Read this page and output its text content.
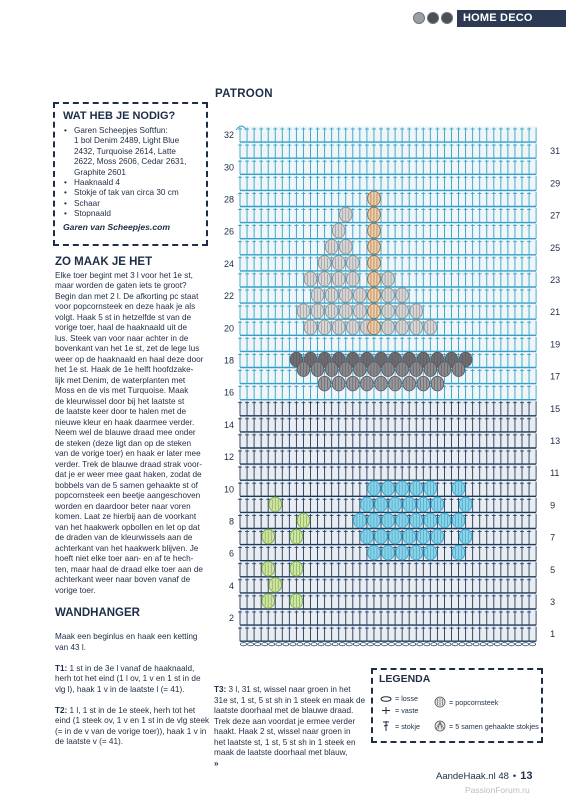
HOME DECO
WAT HEB JE NODIG?
• Garen Scheepjes Softfun:
1 bol Denim 2489, Light Blue
2432, Turquoise 2614, Latte
2622, Moss 2606, Cedar 2631,
Graphite 2601
• Haaknaald 4
• Stokje of tak van circa 30 cm
• Schaar
• Stopnaald
Garen van Scheepjes.com
ZO MAAK JE HET
Elke toer begint met 3 l voor het 1e st,
maar worden de gaten iets te groot?
Begin dan met 2 l. De afkorting pc staat
voor popcornsteek en deze haak je als
volgt. Haak 5 st in hetzelfde st van de
vorige toer, haal de haaknaald uit de
lus. Steek van voor naar achter in de
bovenkant van het 1e st, zet de lege lus
weer op de haaknaald en haal deze door
het 1e st. Haak de 1e helft hoofdzake-
lijk met Denim, de waterplanten met
Moss en de vis met Turquoise. Maak
de kleurwissel door bij het laatste st
de laatste keer door te halen met de
nieuwe kleur en haak daarmee verder.
Neem wel de blauwe draad mee onder
de steken (deze ligt dan op de steken
van de vorige toer) en haak er later mee
verder. Trek de blauwe draad strak voor-
dat je er weer mee gaat haken, zodat de
bobbels van de 5 samen gehaakte st of
popcornsteek een beetje aangeschoven
worden en daardoor beter naar voren
komen. Laat ze hierbij aan de voorkant
van het haakwerk opbollen en let op dat
de draden van de kleurwissels aan de
achterkant van het haakwerk blijven. Je
hoeft niet elke toer aan- en af te hech-
ten, maar haal de draad elke toer aan de
achterkant weer naar boven vanaf de
vorige toer.
WANDHANGER

Maak een beginlus en haak een ketting
van 43 l.

T1: 1 st in de 3e l vanaf de haaknaald,
herh tot het eind (1 l ov, 1 v en 1 st in de
vlg l), haak 1 v in de laatste l (= 41).

T2: 1 l, 1 st in de 1e steek, herh tot het
eind (1 steek ov, 1 v en 1 st in de vlg steek
(= in de v van de vorige toer)), haak 1 v in
de laatste v (= 41).

T3: 3 l, 31 st, wissel naar groen in het
31e st, 1 st, 5 st sh in 1 steek en maak de
laatste doorhaal met de blauwe draad.
Trek deze aan voordat je ermee verder
haakt. Haak 2 st, wissel naar groen in
het laatste st, 1 st, 5 st sh in 1 steek en
maak de laatste doorhaal met blauw,
»

PATROON
2
4
6
8
10
12
14
16
18
20
22
24
26
28
30
32
1
3
5
7
9
11
13
15
17
19
21
23
25
27
29
31
LEGENDA
= losse
= vaste
= stokje
= popcornsteek
= 5 samen gehaakte stokjes
AandeHaak.nl 48 • 13
PassionForum.ru
